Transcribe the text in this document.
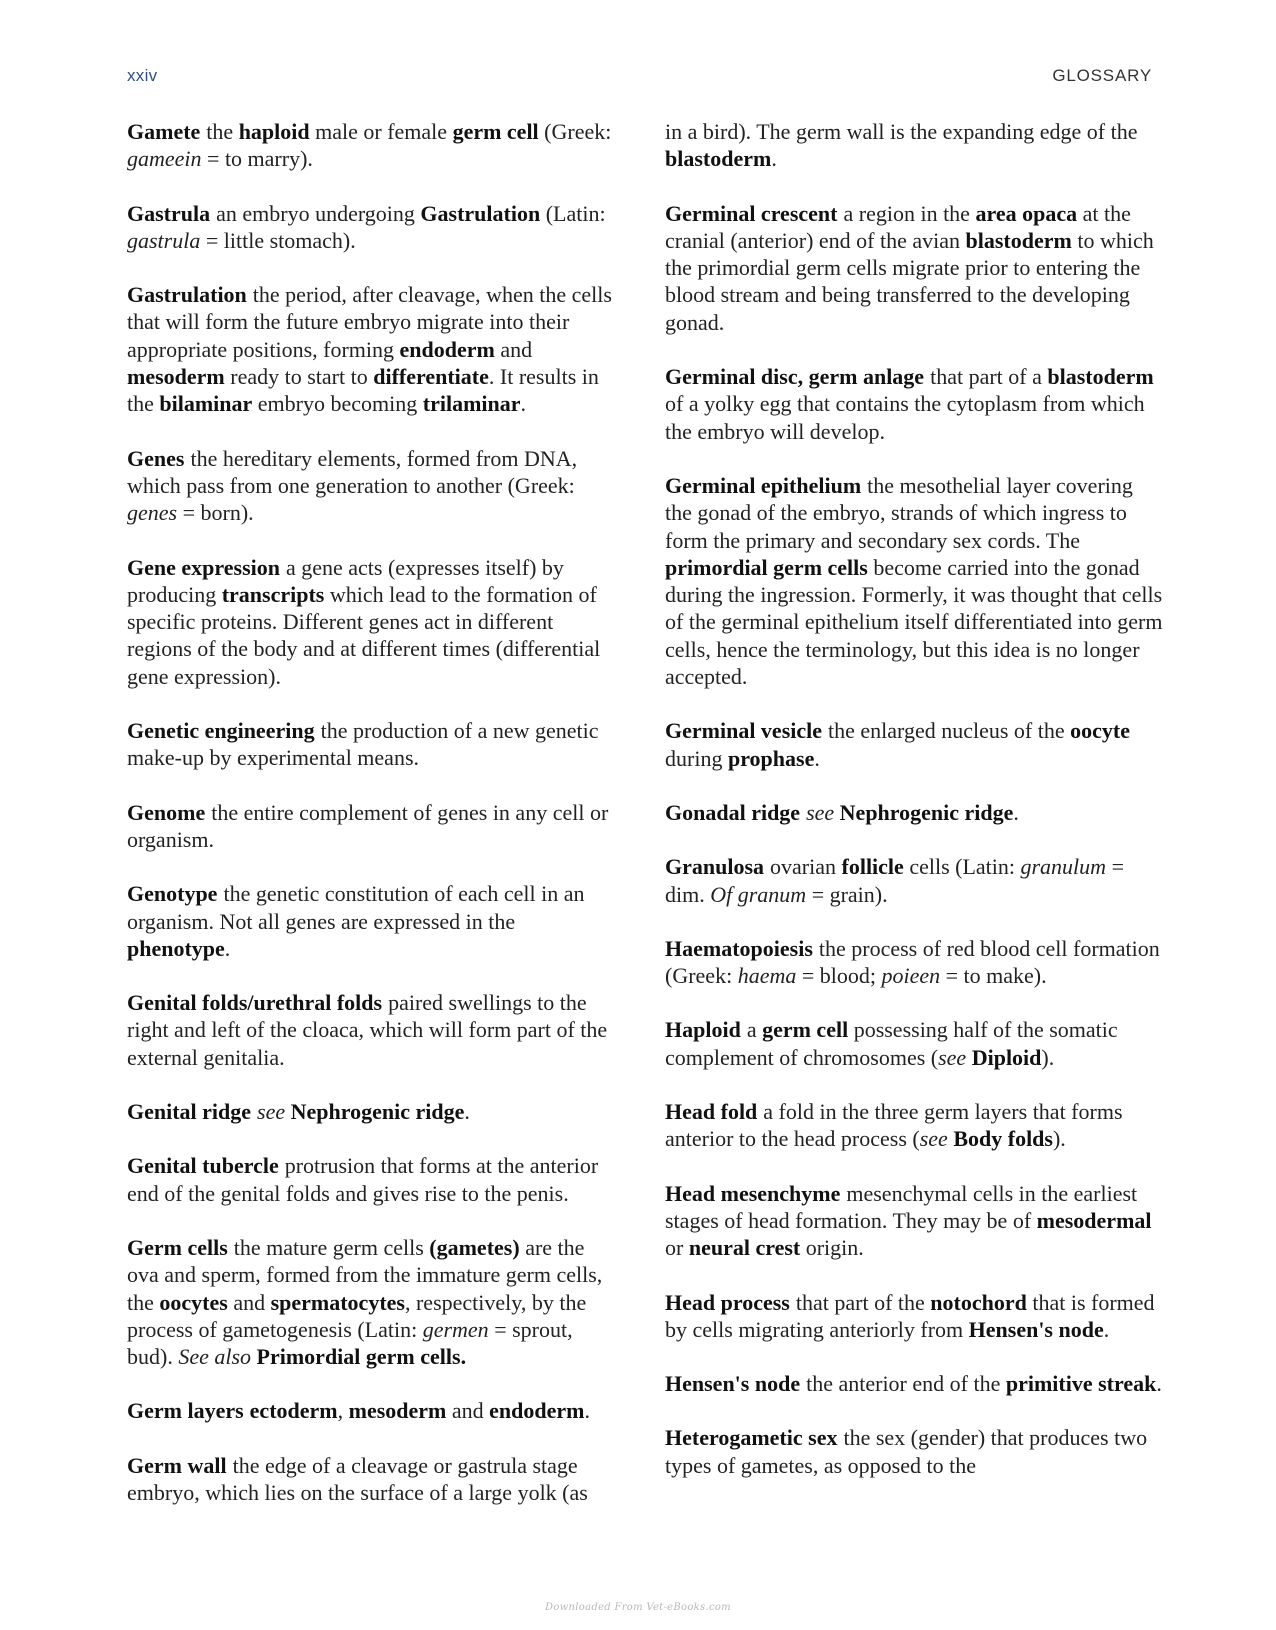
xxiv	GLOSSARY

Gamete the haploid male or female germ cell (Greek: gameein = to marry).

Gastrula an embryo undergoing Gastrulation (Latin: gastrula = little stomach).

Gastrulation the period, after cleavage, when the cells that will form the future embryo migrate into their appropriate positions, forming endoderm and mesoderm ready to start to differentiate. It results in the bilaminar embryo becoming trilaminar.

Genes the hereditary elements, formed from DNA, which pass from one generation to another (Greek: genes = born).

Gene expression a gene acts (expresses itself) by producing transcripts which lead to the formation of specific proteins. Different genes act in different regions of the body and at different times (differential gene expression).

Genetic engineering the production of a new genetic make-up by experimental means.

Genome the entire complement of genes in any cell or organism.

Genotype the genetic constitution of each cell in an organism. Not all genes are expressed in the phenotype.

Genital folds/urethral folds paired swellings to the right and left of the cloaca, which will form part of the external genitalia.

Genital ridge see Nephrogenic ridge.

Genital tubercle protrusion that forms at the anterior end of the genital folds and gives rise to the penis.

Germ cells the mature germ cells (gametes) are the ova and sperm, formed from the immature germ cells, the oocytes and spermatocytes, respectively, by the process of gametogenesis (Latin: germen = sprout, bud). See also Primordial germ cells.

Germ layers ectoderm, mesoderm and endoderm.

Germ wall the edge of a cleavage or gastrula stage embryo, which lies on the surface of a large yolk (as

in a bird). The germ wall is the expanding edge of the blastoderm.

Germinal crescent a region in the area opaca at the cranial (anterior) end of the avian blastoderm to which the primordial germ cells migrate prior to entering the blood stream and being transferred to the developing gonad.

Germinal disc, germ anlage that part of a blastoderm of a yolky egg that contains the cytoplasm from which the embryo will develop.

Germinal epithelium the mesothelial layer covering the gonad of the embryo, strands of which ingress to form the primary and secondary sex cords. The primordial germ cells become carried into the gonad during the ingression. Formerly, it was thought that cells of the germinal epithelium itself differentiated into germ cells, hence the terminology, but this idea is no longer accepted.

Germinal vesicle the enlarged nucleus of the oocyte during prophase.

Gonadal ridge see Nephrogenic ridge.

Granulosa ovarian follicle cells (Latin: granulum = dim. Of granum = grain).

Haematopoiesis the process of red blood cell formation (Greek: haema = blood; poieen = to make).

Haploid a germ cell possessing half of the somatic complement of chromosomes (see Diploid).

Head fold a fold in the three germ layers that forms anterior to the head process (see Body folds).

Head mesenchyme mesenchymal cells in the earliest stages of head formation. They may be of mesodermal or neural crest origin.

Head process that part of the notochord that is formed by cells migrating anteriorly from Hensen's node.

Hensen's node the anterior end of the primitive streak.

Heterogametic sex the sex (gender) that produces two types of gametes, as opposed to the

Downloaded From Vet-eBooks.com
